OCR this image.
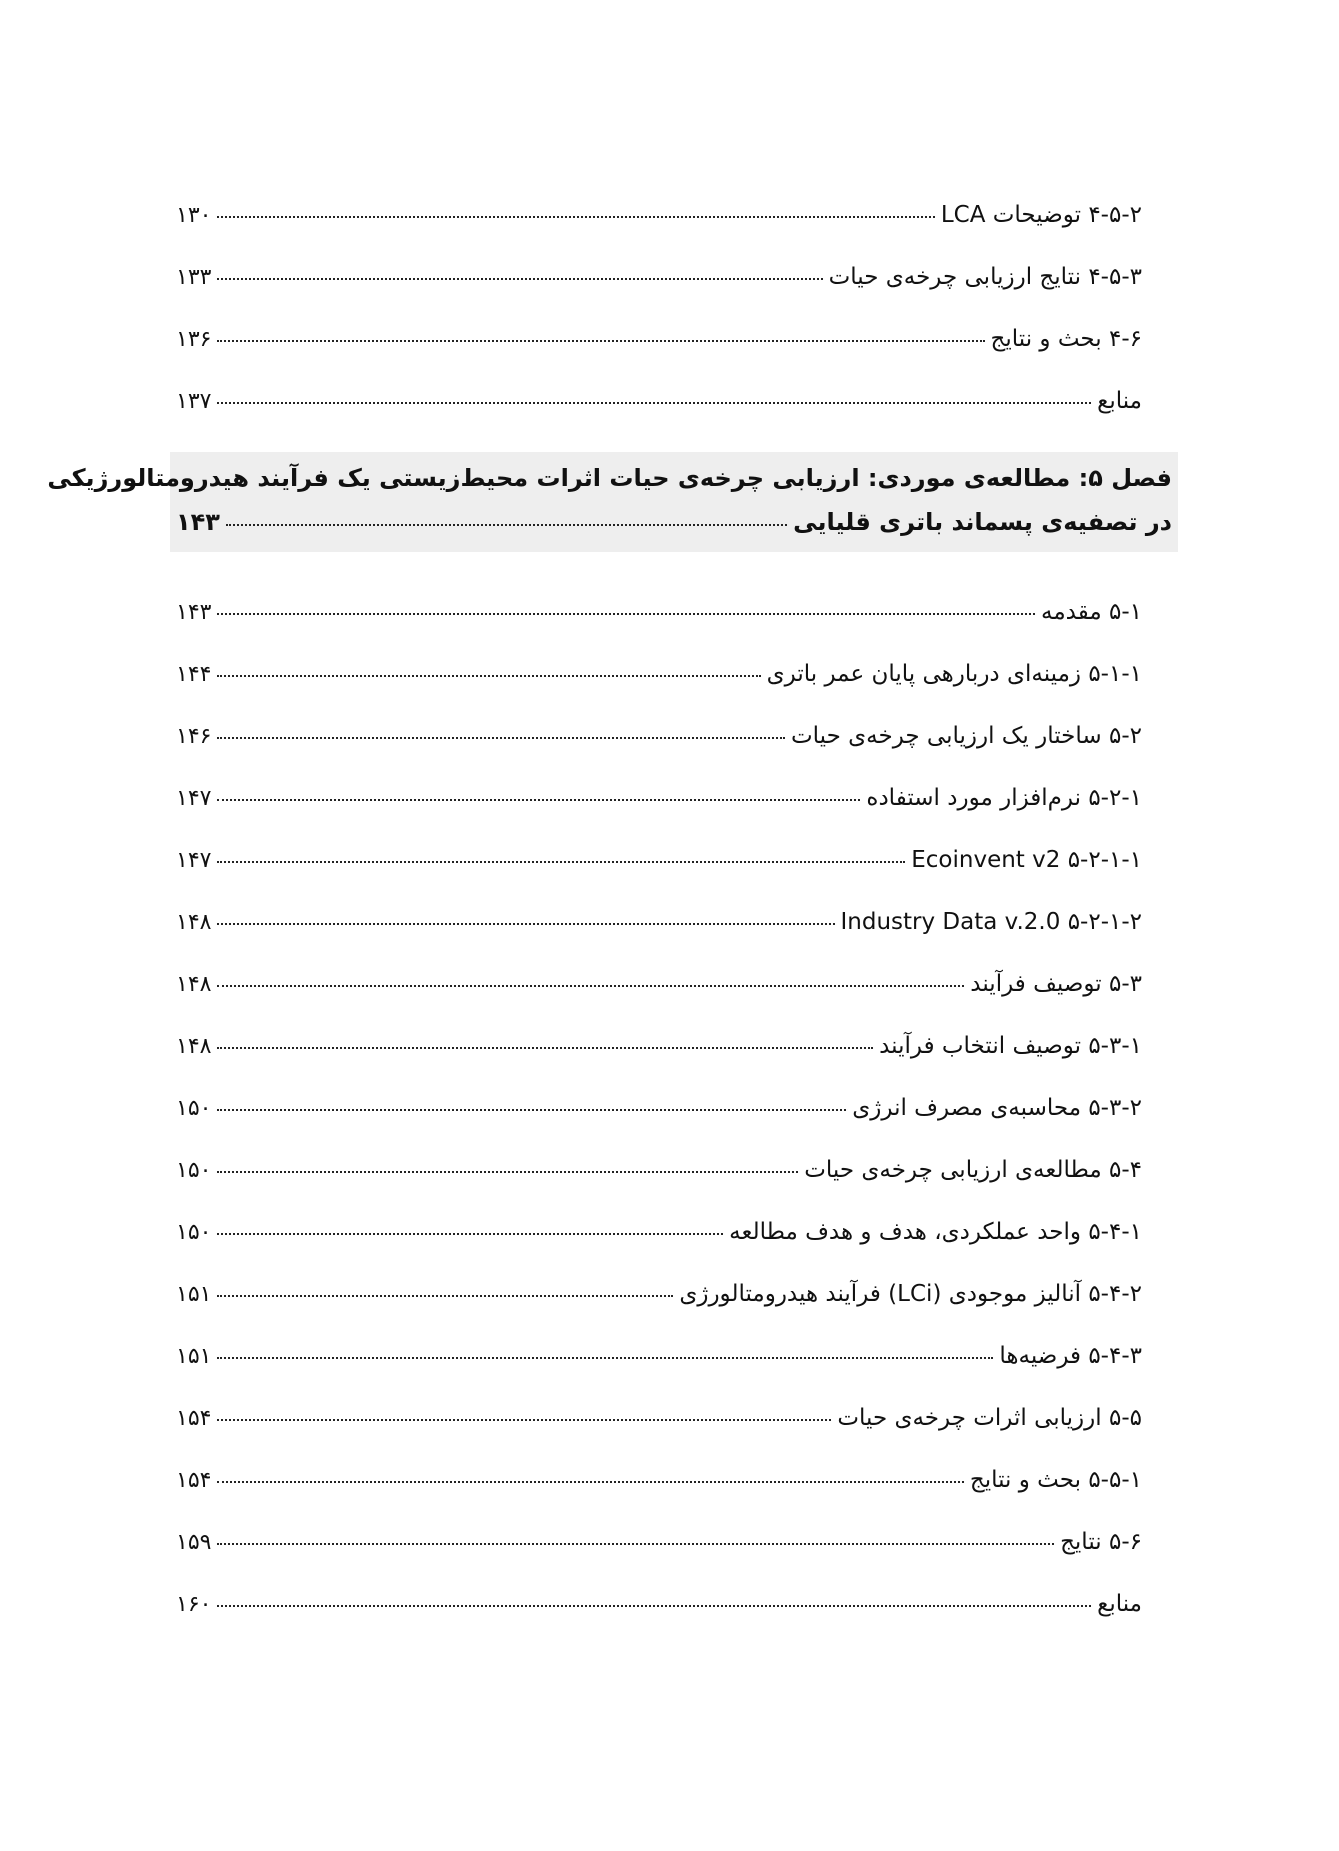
۴-۵-۲ توضیحات LCA
۱۳۰
۴-۵-۳ نتایج ارزیابی چرخه‌ی حیات
۱۳۳
۴-۶ بحث و نتایج
۱۳۶
منابع
۱۳۷
فصل ۵: مطالعه‌ی موردی: ارزیابی چرخه‌ی حیات اثرات محیط‌زیستی یک فرآیند هیدرومتالورژیکی
در تصفیه‌ی پسماند باتری قلیایی
۱۴۳
۵-۱ مقدمه
۱۴۳
۵-۱-۱ زمینه‌ای دربارهی پایان عمر باتری
۱۴۴
۵-۲ ساختار یک ارزیابی چرخه‌ی حیات
۱۴۶
۵-۲-۱ نرم‌افزار مورد استفاده
۱۴۷
۵-۲-۱-۱ Ecoinvent v2
۱۴۷
۵-۲-۱-۲ Industry Data v.2.0
۱۴۸
۵-۳ توصیف فرآیند
۱۴۸
۵-۳-۱ توصیف انتخاب فرآیند
۱۴۸
۵-۳-۲ محاسبه‌ی مصرف انرژی
۱۵۰
۵-۴ مطالعه‌ی ارزیابی چرخه‌ی حیات
۱۵۰
۵-۴-۱ واحد عملکردی، هدف و هدف مطالعه
۱۵۰
۵-۴-۲ آنالیز موجودی (LCi) فرآیند هیدرومتالورژی
۱۵۱
۵-۴-۳ فرضیه‌ها
۱۵۱
۵-۵ ارزیابی اثرات چرخه‌ی حیات
۱۵۴
۵-۵-۱ بحث و نتایج
۱۵۴
۵-۶ نتایج
۱۵۹
منابع
۱۶۰
